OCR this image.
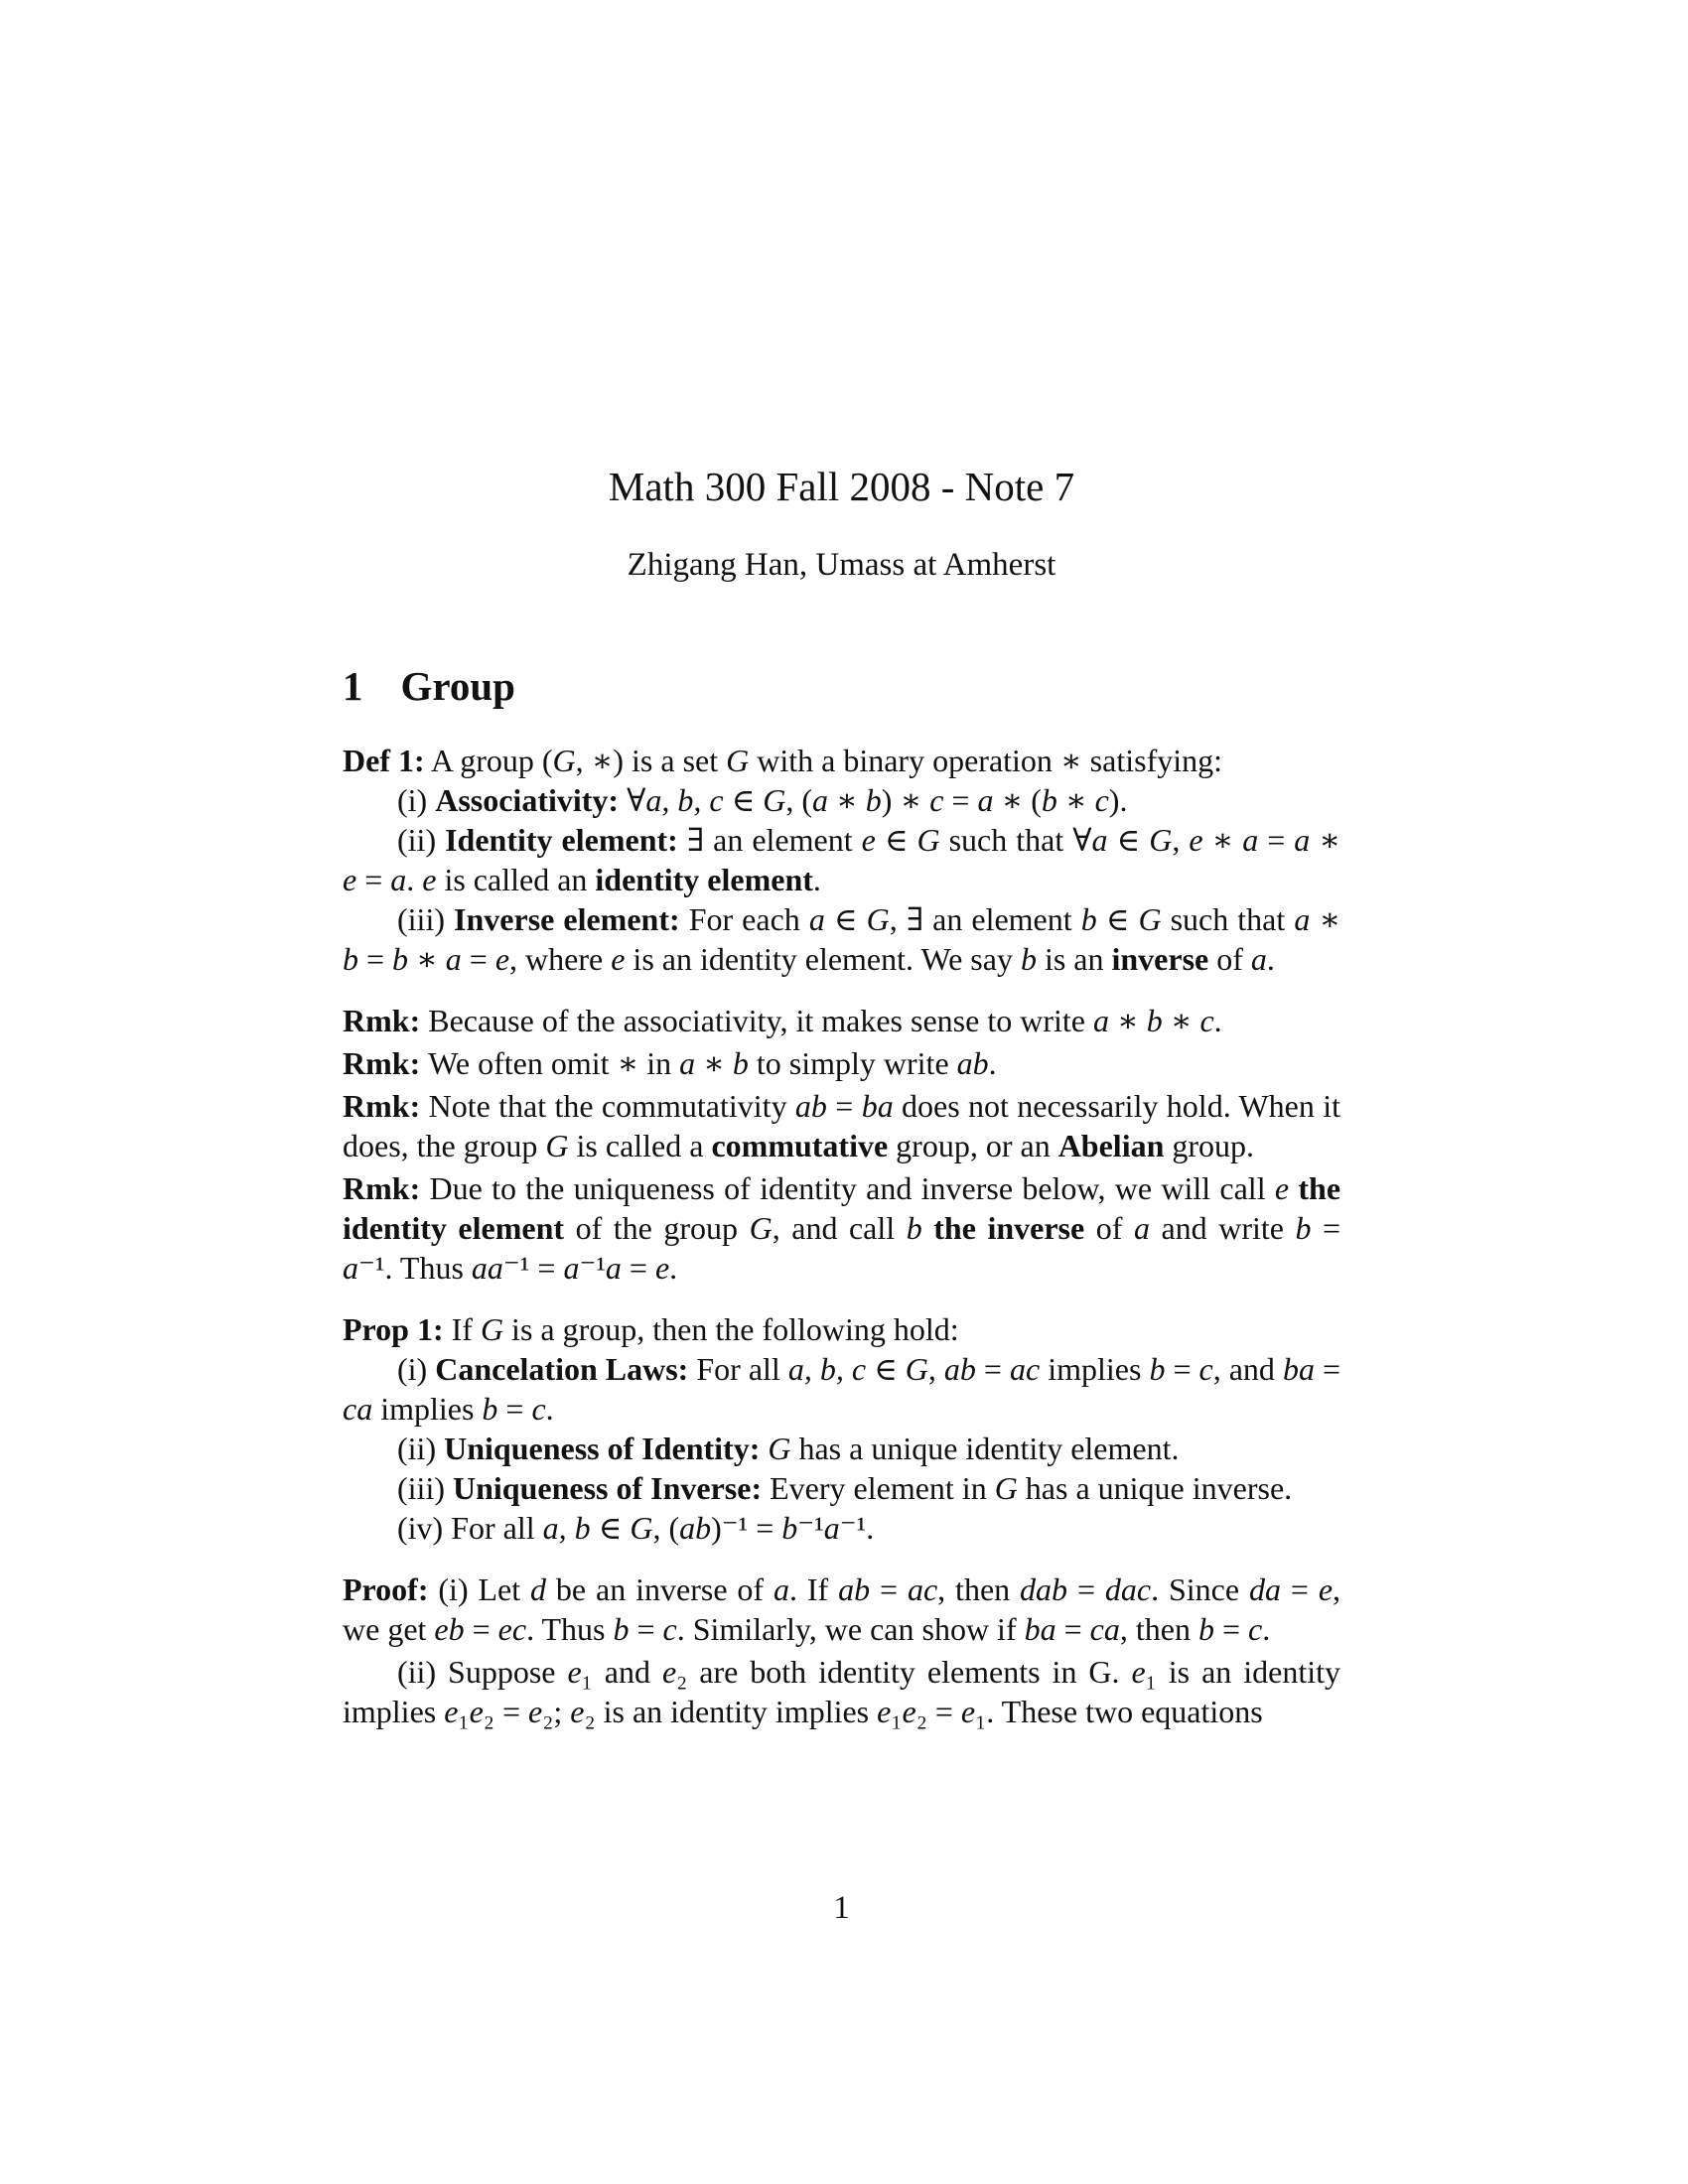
Math 300 Fall 2008 - Note 7
Zhigang Han, Umass at Amherst
1 Group

Def 1: A group (G, ∗) is a set G with a binary operation ∗ satisfying:

(i) Associativity: ∀a, b, c ∈ G, (a ∗ b) ∗ c = a ∗ (b ∗ c).

(ii) Identity element: ∃ an element e ∈ G such that ∀a ∈ G, e ∗ a = a ∗ e = a. e is called an identity element.

(iii) Inverse element: For each a ∈ G, ∃ an element b ∈ G such that a ∗ b = b ∗ a = e, where e is an identity element. We say b is an inverse of a.

Rmk: Because of the associativity, it makes sense to write a ∗ b ∗ c.

Rmk: We often omit ∗ in a ∗ b to simply write ab.

Rmk: Note that the commutativity ab = ba does not necessarily hold. When it does, the group G is called a commutative group, or an Abelian group.

Rmk: Due to the uniqueness of identity and inverse below, we will call e the identity element of the group G, and call b the inverse of a and write b = a⁻¹. Thus aa⁻¹ = a⁻¹a = e.

Prop 1: If G is a group, then the following hold:

(i) Cancelation Laws: For all a, b, c ∈ G, ab = ac implies b = c, and ba = ca implies b = c.

(ii) Uniqueness of Identity: G has a unique identity element.

(iii) Uniqueness of Inverse: Every element in G has a unique inverse.

(iv) For all a, b ∈ G, (ab)⁻¹ = b⁻¹a⁻¹.

Proof: (i) Let d be an inverse of a. If ab = ac, then dab = dac. Since da = e, we get eb = ec. Thus b = c. Similarly, we can show if ba = ca, then b = c.

(ii) Suppose e₁ and e₂ are both identity elements in G. e₁ is an identity implies e₁e₂ = e₂; e₂ is an identity implies e₁e₂ = e₁. These two equations

1
